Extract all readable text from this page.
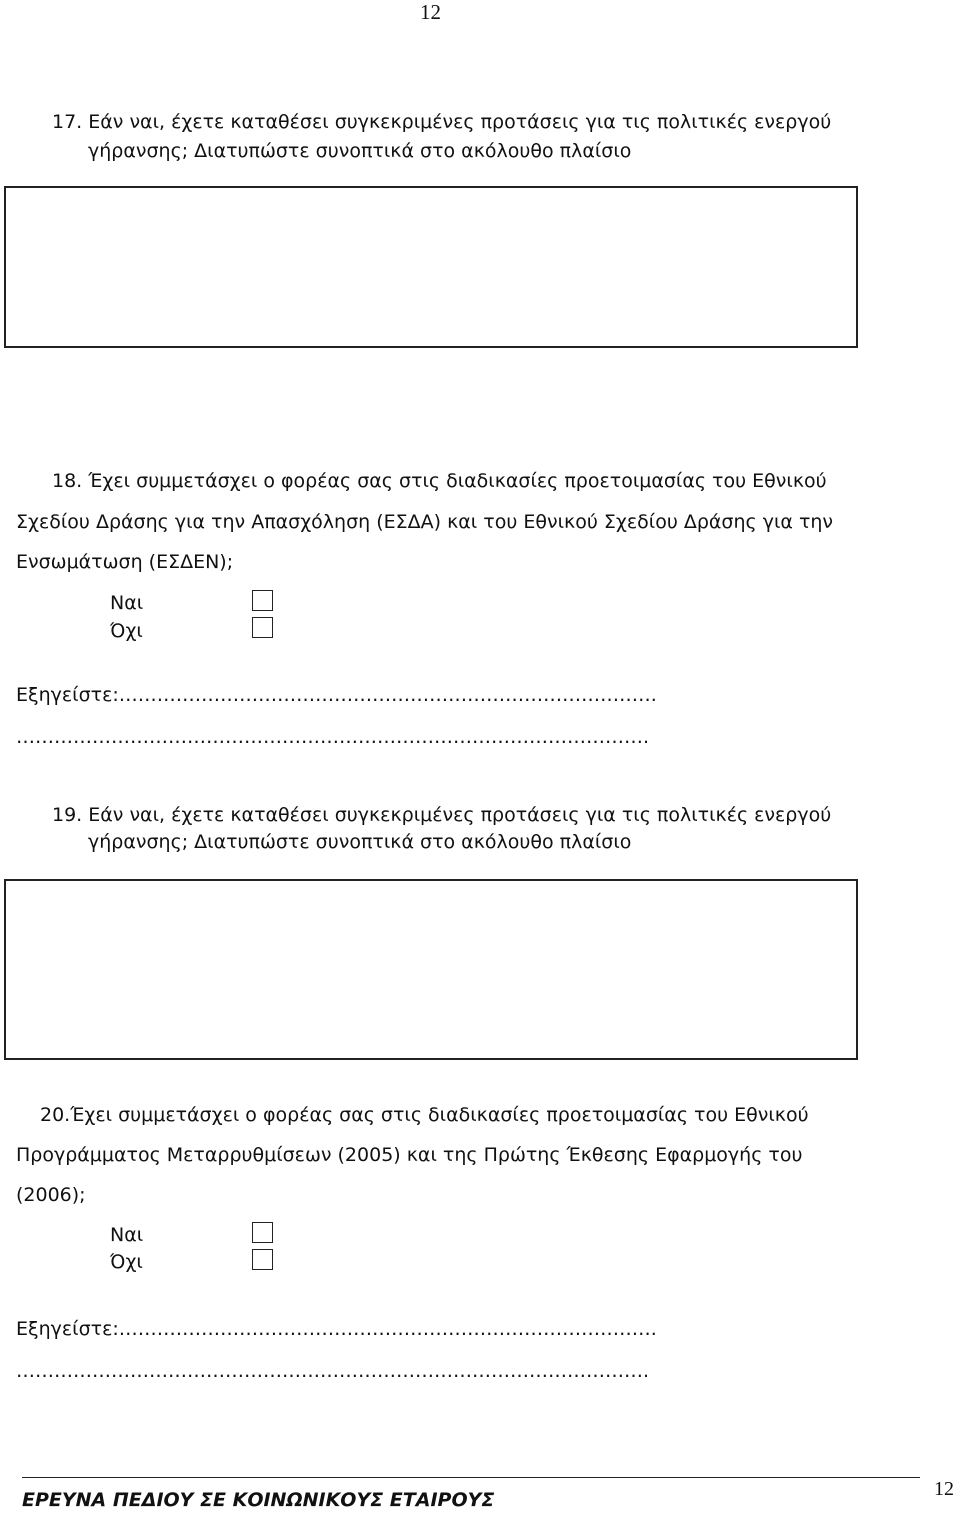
12
17. Εάν ναι, έχετε καταθέσει συγκεκριμένες προτάσεις για τις πολιτικές ενεργού
γήρανσης; Διατυπώστε συνοπτικά στο ακόλουθο πλαίσιο
18. Έχει συμμετάσχει ο φορέας σας στις διαδικασίες προετοιμασίας του Εθνικού
Σχεδίου Δράσης για την Απασχόληση (ΕΣΔΑ) και του Εθνικού Σχεδίου Δράσης για την
Ενσωμάτωση (ΕΣΔΕΝ);
Ναι
Όχι
Εξηγείστε:………………………………………………………………………….
……………………………………………………………………………………….
19. Εάν ναι, έχετε καταθέσει συγκεκριμένες προτάσεις για τις πολιτικές ενεργού
γήρανσης; Διατυπώστε συνοπτικά στο ακόλουθο πλαίσιο
20.Έχει συμμετάσχει ο φορέας σας στις διαδικασίες προετοιμασίας του Εθνικού
Προγράμματος Μεταρρυθμίσεων (2005) και της Πρώτης Έκθεσης Εφαρμογής του
(2006);
Ναι
Όχι
Εξηγείστε:………………………………………………………………………….
……………………………………………………………………………………….
ΕΡΕΥΝΑ ΠΕΔΙΟΥ ΣΕ ΚΟΙΝΩΝΙΚΟΥΣ ΕΤΑΙΡΟΥΣ	12
